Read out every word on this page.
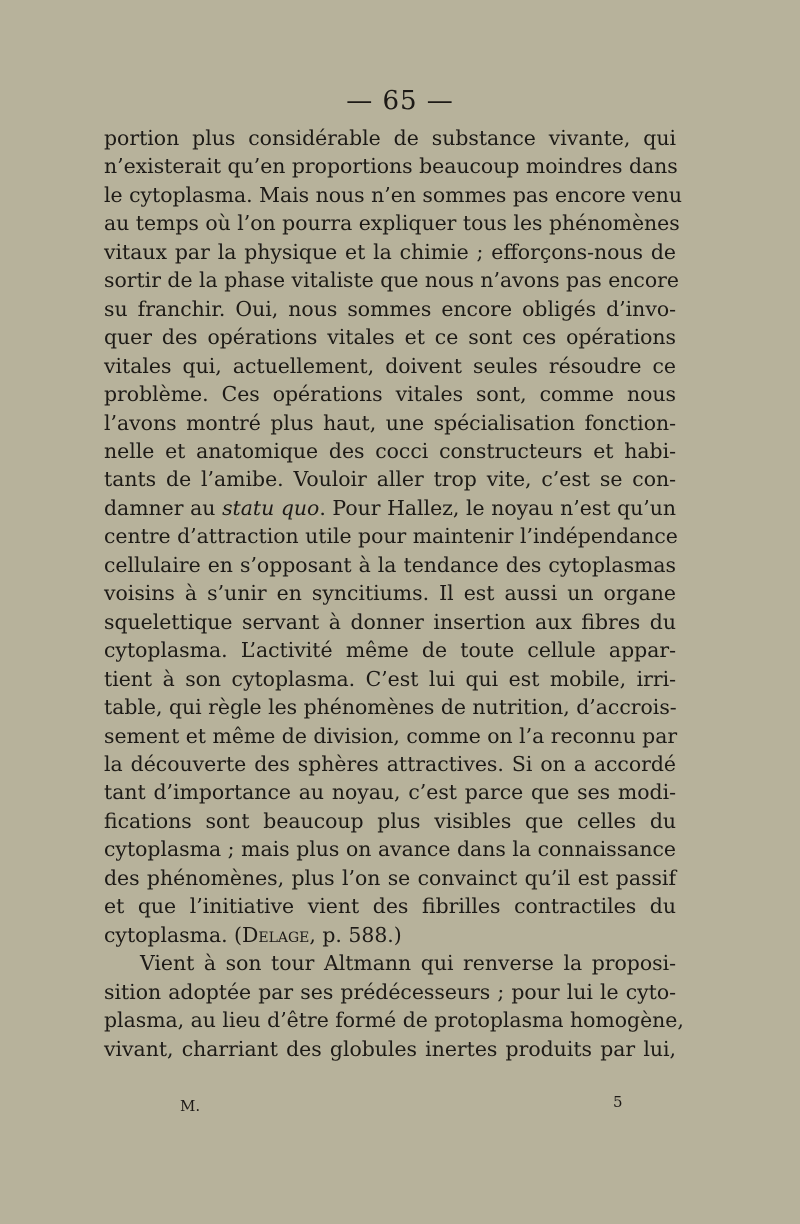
— 65 —
portion plus considérable de substance vivante, qui
n’existerait qu’en proportions beaucoup moindres dans
le cytoplasma. Mais nous n’en sommes pas encore venu
au temps où l’on pourra expliquer tous les phénomènes
vitaux par la physique et la chimie ; efforçons-nous de
sortir de la phase vitaliste que nous n’avons pas encore
su franchir. Oui, nous sommes encore obligés d’invo-
quer des opérations vitales et ce sont ces opérations
vitales qui, actuellement, doivent seules résoudre ce
problème. Ces opérations vitales sont, comme nous
l’avons montré plus haut, une spécialisation fonction-
nelle et anatomique des cocci constructeurs et habi-
tants de l’amibe. Vouloir aller trop vite, c’est se con-
damner au statu quo. Pour Hallez, le noyau n’est qu’un
centre d’attraction utile pour maintenir l’indépendance
cellulaire en s’opposant à la tendance des cytoplasmas
voisins à s’unir en syncitiums. Il est aussi un organe
squelettique servant à donner insertion aux fibres du
cytoplasma. L’activité même de toute cellule appar-
tient à son cytoplasma. C’est lui qui est mobile, irri-
table, qui règle les phénomènes de nutrition, d’accrois-
sement et même de division, comme on l’a reconnu par
la découverte des sphères attractives. Si on a accordé
tant d’importance au noyau, c’est parce que ses modi-
fications sont beaucoup plus visibles que celles du
cytoplasma ; mais plus on avance dans la connaissance
des phénomènes, plus l’on se convainct qu’il est passif
et que l’initiative vient des fibrilles contractiles du
cytoplasma. (Delage, p. 588.)
Vient à son tour Altmann qui renverse la proposi-
sition adoptée par ses prédécesseurs ; pour lui le cyto-
plasma, au lieu d’être formé de protoplasma homogène,
vivant, charriant des globules inertes produits par lui,
M.	5
